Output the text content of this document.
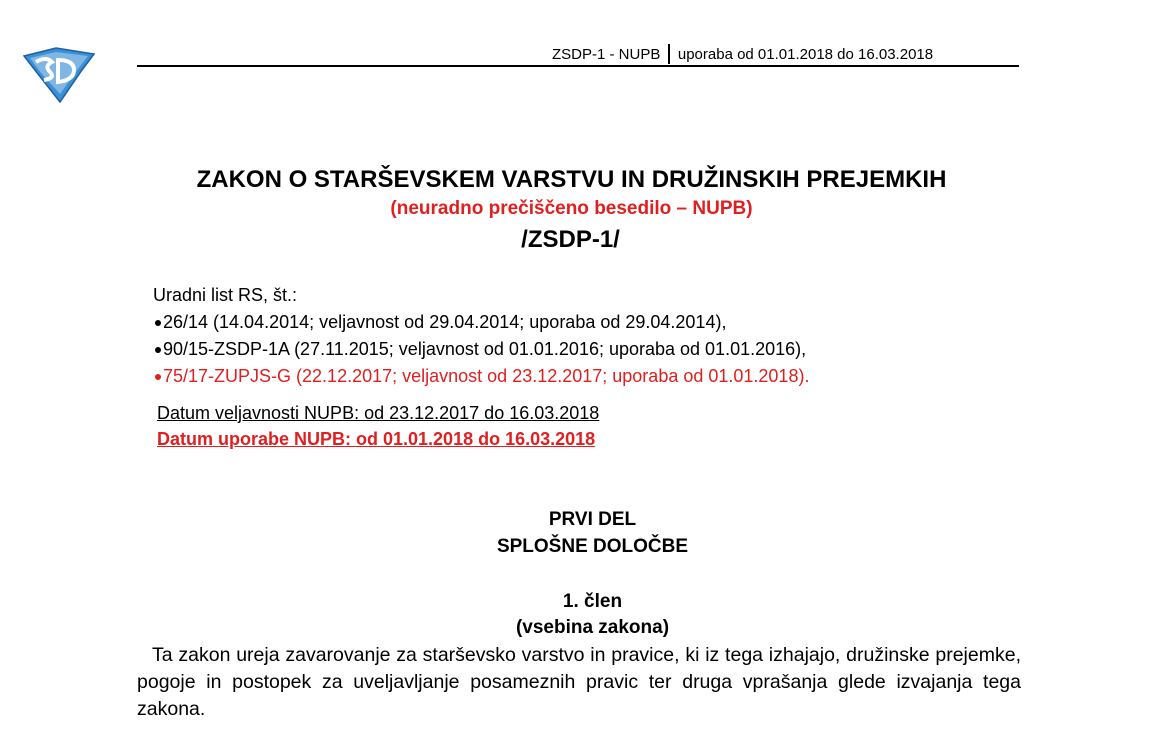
ZSDP-1 - NUPB uporaba od 01.01.2018 do 16.03.2018
ZAKON O STARŠEVSKEM VARSTVU IN DRUŽINSKIH PREJEMKIH
(neuradno prečiščeno besedilo – NUPB)
/ZSDP-1/
Uradni list RS, št.:
26/14 (14.04.2014; veljavnost od 29.04.2014; uporaba od 29.04.2014),
90/15-ZSDP-1A (27.11.2015; veljavnost od 01.01.2016; uporaba od 01.01.2016),
75/17-ZUPJS-G (22.12.2017; veljavnost od 23.12.2017; uporaba od 01.01.2018).
Datum veljavnosti NUPB: od 23.12.2017 do 16.03.2018
Datum uporabe NUPB: od 01.01.2018 do 16.03.2018
PRVI DEL
SPLOŠNE DOLOČBE
1. člen
(vsebina zakona)
Ta zakon ureja zavarovanje za starševsko varstvo in pravice, ki iz tega izhajajo, družinske prejemke, pogoje in postopek za uveljavljanje posameznih pravic ter druga vprašanja glede izvajanja tega zakona.
